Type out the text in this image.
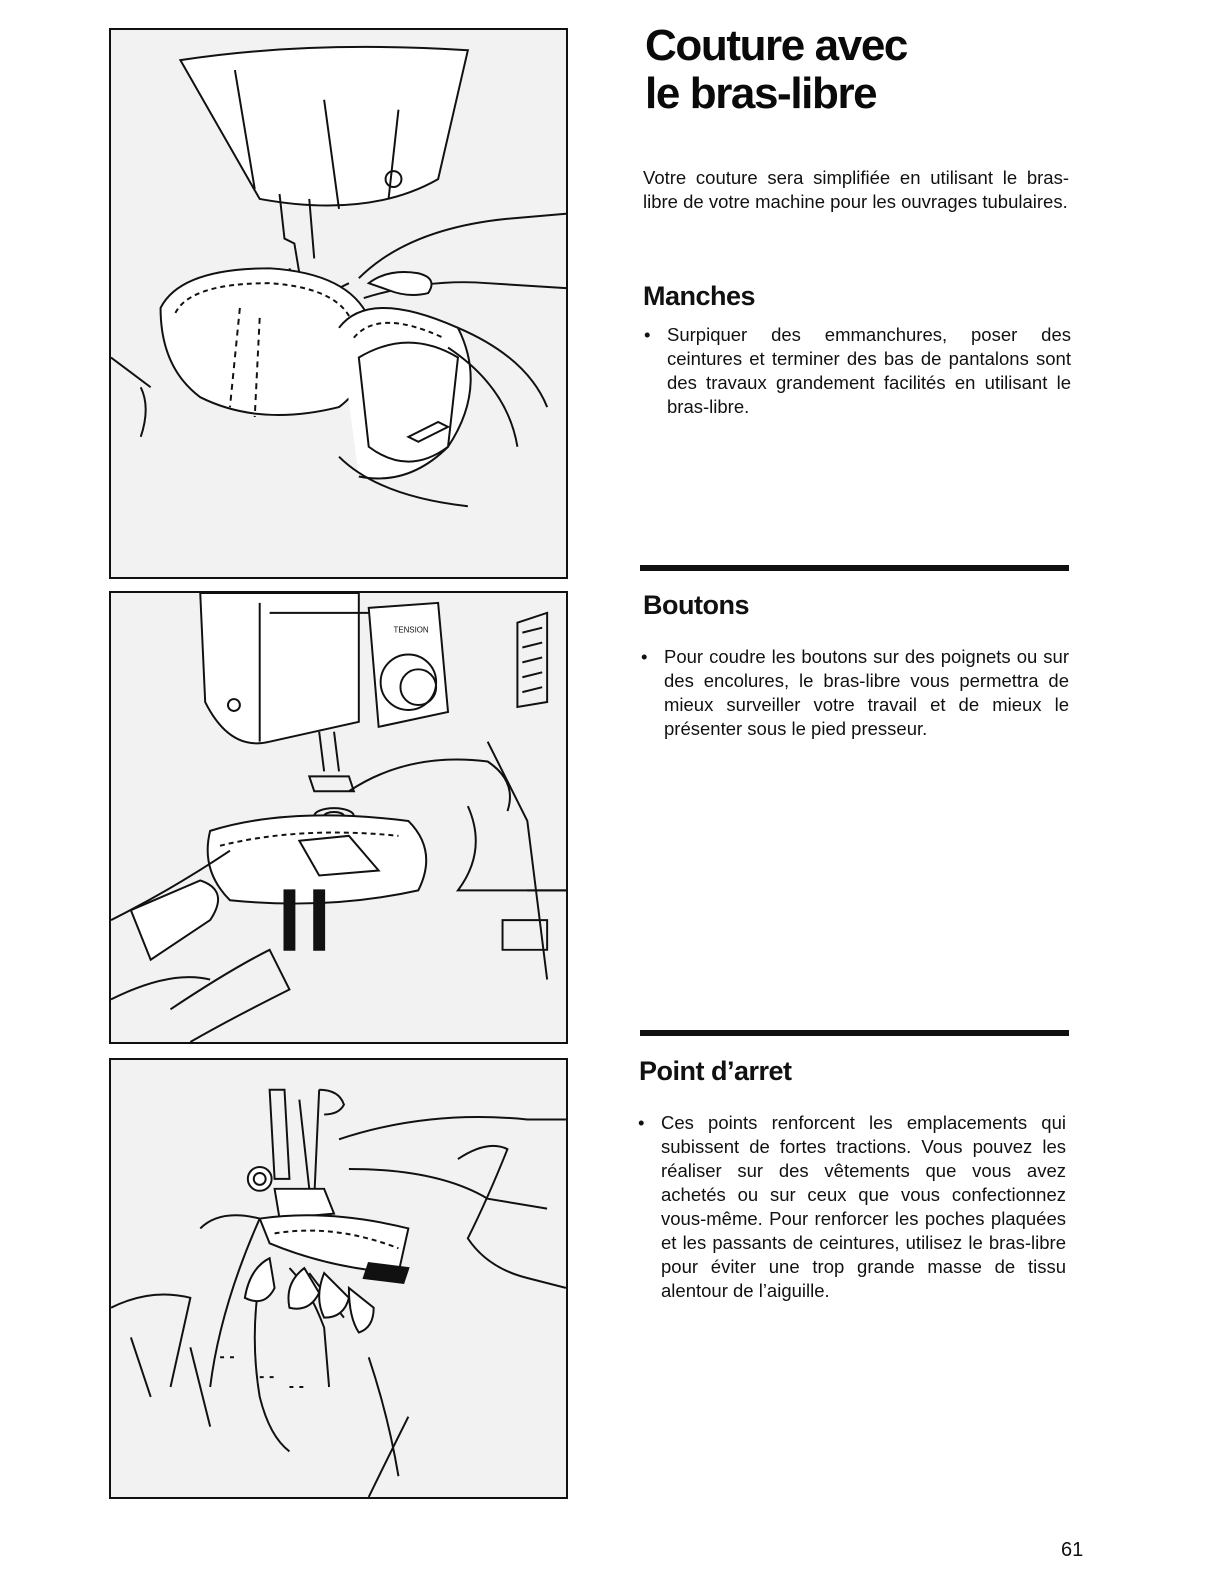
TENSION
Couture avec
le bras-libre

Votre couture sera simplifiée en utilisant le bras-libre de votre machine pour les ouvrages tubulaires.

Manches

• Surpiquer des emmanchures, poser des ceintures et terminer des bas de pantalons sont des travaux grandement facilités en utilisant le bras-libre.

Boutons

• Pour coudre les boutons sur des poignets ou sur des encolures, le bras-libre vous permettra de mieux surveiller votre travail et de mieux le présenter sous le pied presseur.

Point d’arret

• Ces points renforcent les emplacements qui subissent de fortes tractions. Vous pouvez les réaliser sur des vêtements que vous avez achetés ou sur ceux que vous confectionnez vous-même. Pour renforcer les poches plaquées et les passants de ceintures, utilisez le bras-libre pour éviter une trop grande masse de tissu alentour de l’aiguille.

61
